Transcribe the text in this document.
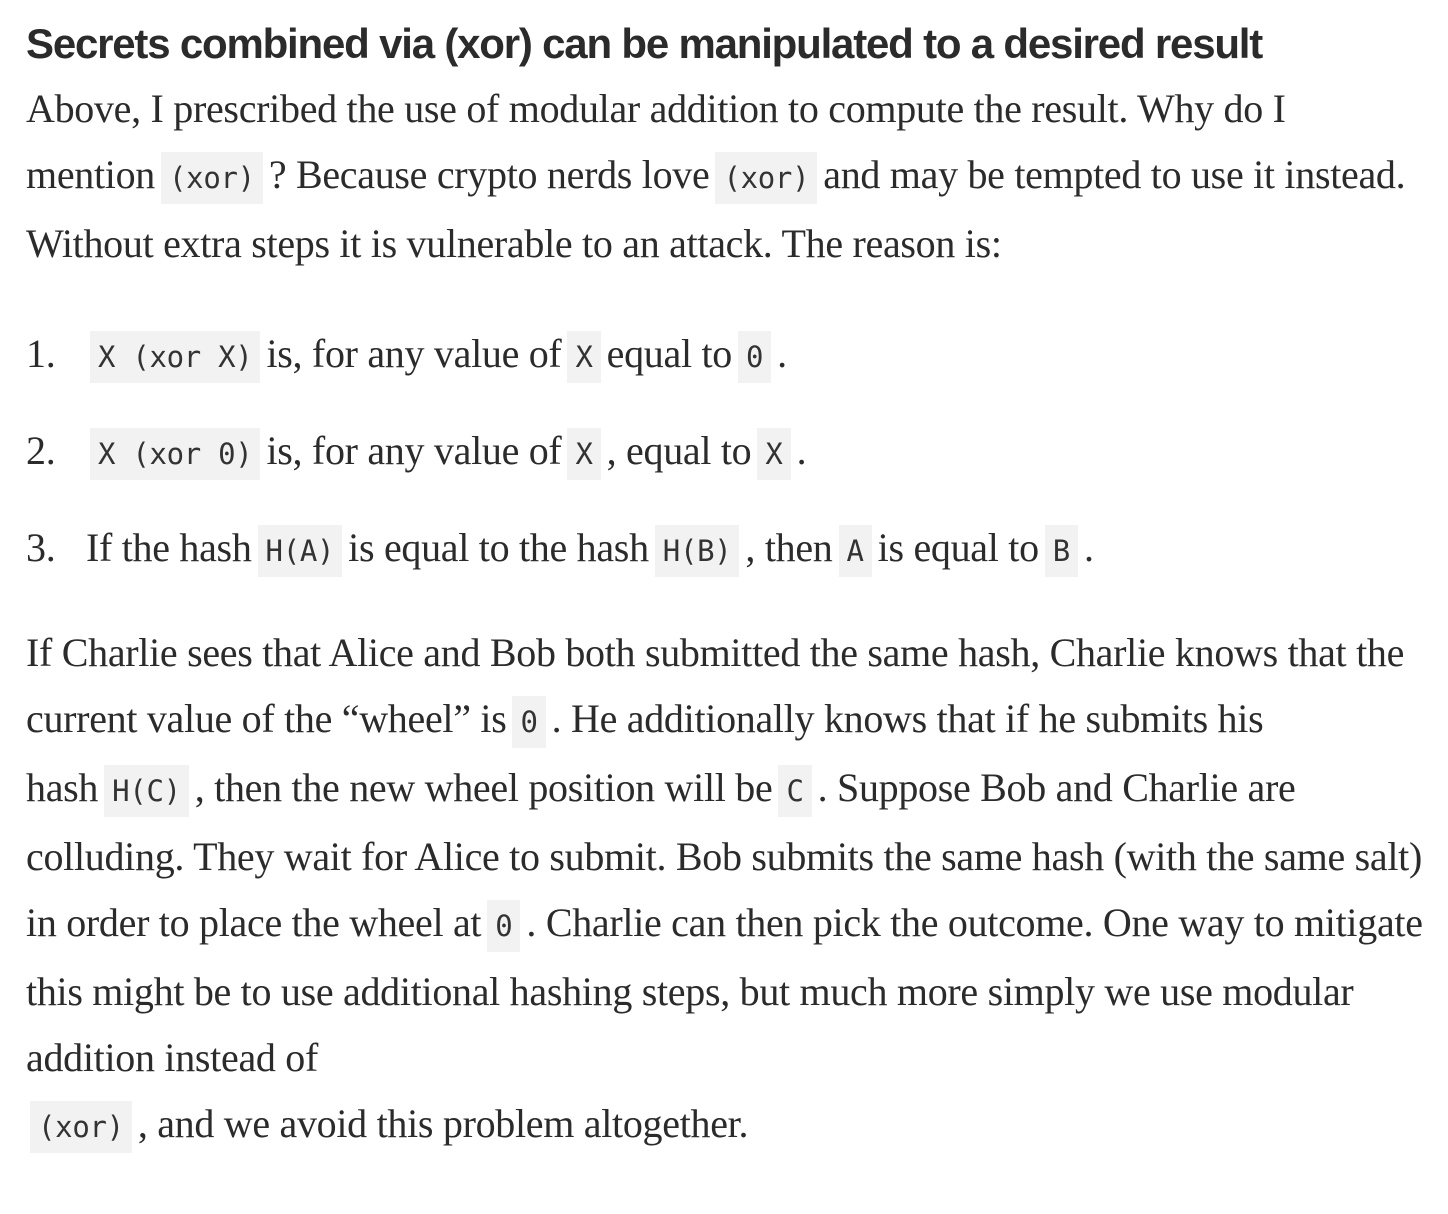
Secrets combined via (xor) can be manipulated to a desired result

Above, I prescribed the use of modular addition to compute the result. Why do I mention (xor) ? Because crypto nerds love (xor) and may be tempted to use it instead. Without extra steps it is vulnerable to an attack. The reason is:

1.	X (xor X) is, for any value of X equal to 0 .
2.	X (xor 0) is, for any value of X , equal to X .
3. If the hash H(A) is equal to the hash H(B) , then A is equal to B .

If Charlie sees that Alice and Bob both submitted the same hash, Charlie knows that the current value of the “wheel” is 0 . He additionally knows that if he submits his hash H(C) , then the new wheel position will be C . Suppose Bob and Charlie are colluding. They wait for Alice to submit. Bob submits the same hash (with the same salt) in order to place the wheel at 0 . Charlie can then pick the outcome. One way to mitigate this might be to use additional hashing steps, but much more simply we use modular addition instead of
(xor) , and we avoid this problem altogether.
